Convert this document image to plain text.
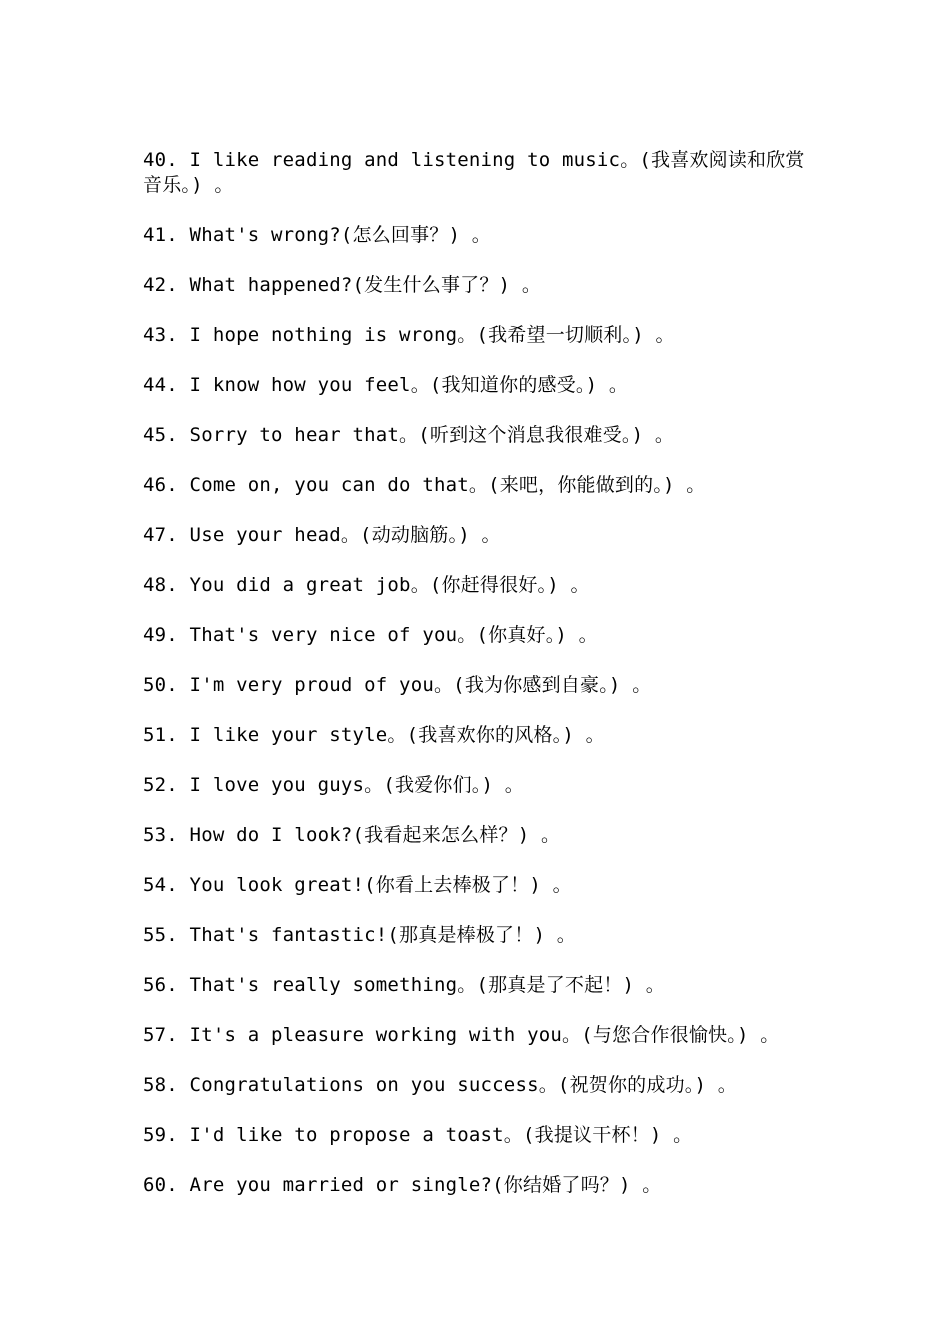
40. I like reading and listening to music。(我喜欢阅读和欣赏音乐。) 。

41. What's wrong?(怎么回事？) 。

42. What happened?(发生什么事了？) 。

43. I hope nothing is wrong。(我希望一切顺利。) 。

44. I know how you feel。(我知道你的感受。) 。

45. Sorry to hear that。(听到这个消息我很难受。) 。

46. Come on, you can do that。(来吧，你能做到的。) 。

47. Use your head。(动动脑筋。) 。

48. You did a great job。(你赶得很好。) 。

49. That's very nice of you。(你真好。) 。

50. I'm very proud of you。(我为你感到自豪。) 。

51. I like your style。(我喜欢你的风格。) 。

52. I love you guys。(我爱你们。) 。

53. How do I look?(我看起来怎么样？) 。

54. You look great!(你看上去棒极了！) 。

55. That's fantastic!(那真是棒极了！) 。

56. That's really something。(那真是了不起！) 。

57. It's a pleasure working with you。(与您合作很愉快。) 。

58. Congratulations on you success。(祝贺你的成功。) 。

59. I'd like to propose a toast。(我提议干杯！) 。

60. Are you married or single?(你结婚了吗？) 。
